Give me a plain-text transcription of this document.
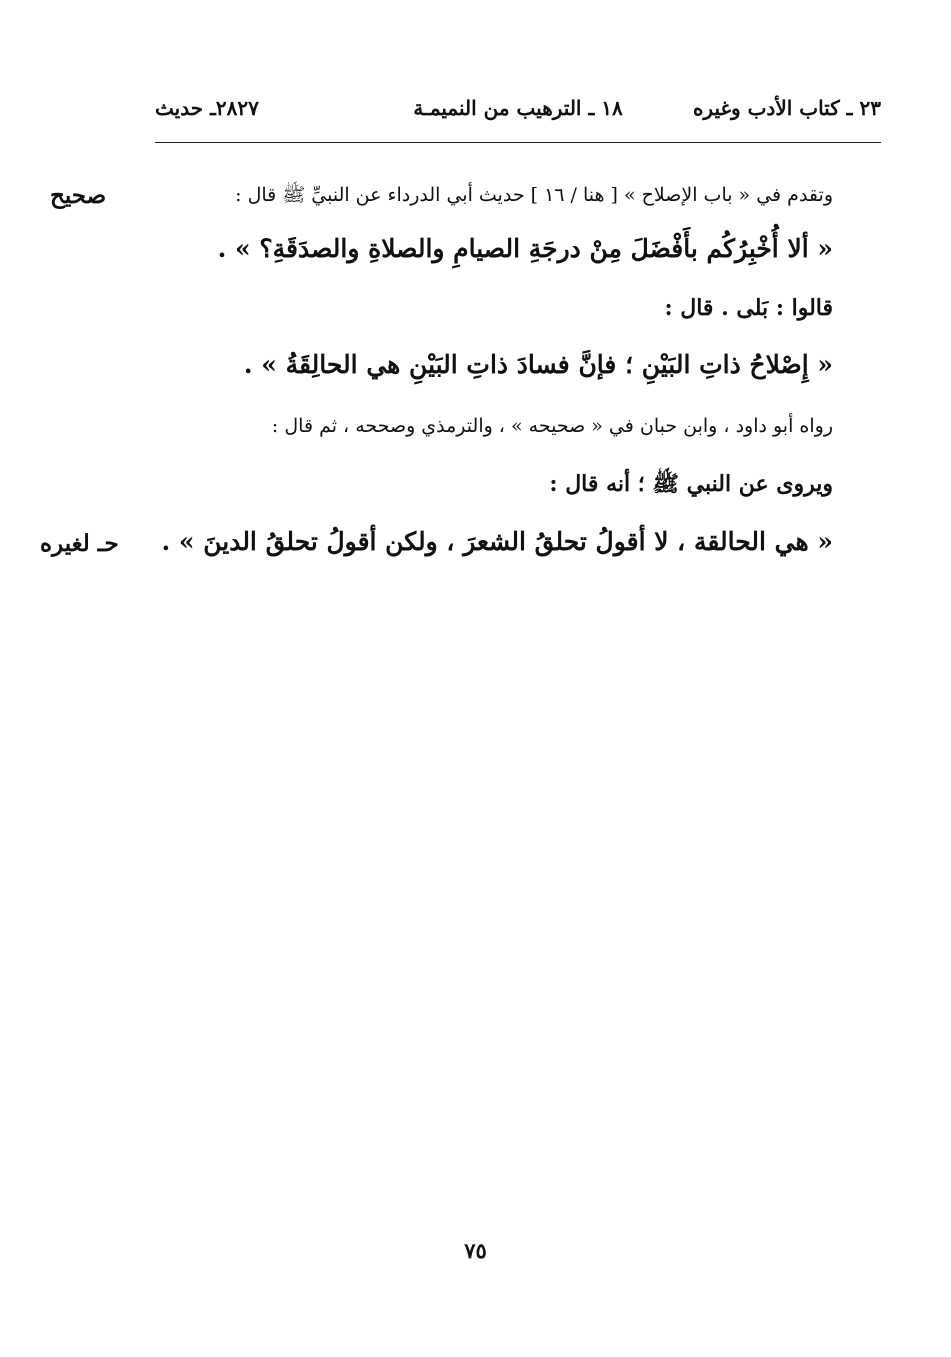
٢٣ ـ كتاب الأدب وغيره
١٨ ـ الترهيب من النميمـة
٢٨٢٧ـ حديث
وتقدم في « باب الإصلاح » [ هنا / ١٦ ] حديث أبي الدرداء عن النبيِّ ﷺ قال :
« ألا أُخْبِرُكُم بأَفْضَلَ مِنْ درجَةِ الصيامِ والصلاةِ والصدَقَةِ؟ » .
قالوا : بَلى . قال :
« إِصْلاحُ ذاتِ البَيْنِ ؛ فإنَّ فسادَ ذاتِ البَيْنِ هي الحالِقَةُ » .
رواه أبو داود ، وابن حبان في « صحيحه » ، والترمذي وصححه ، ثم قال :
ويروى عن النبي ﷺ ؛ أنه قال :
« هي الحالقة ، لا أقولُ تحلقُ الشعرَ ، ولكن أقولُ تحلقُ الدينَ » .
صحيح
حـ لغيره
٧٥
